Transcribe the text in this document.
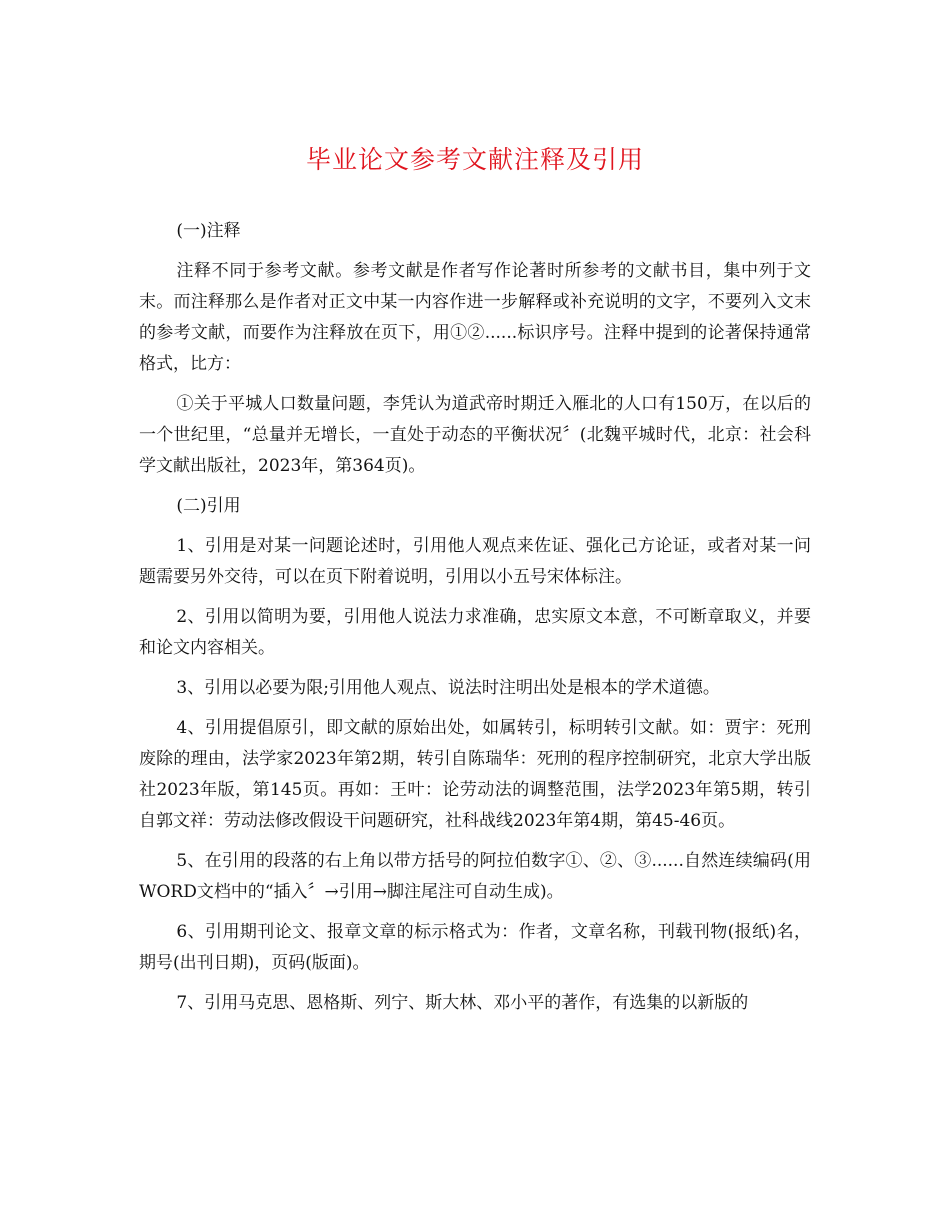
毕业论文参考文献注释及引用

(一)注释

注释不同于参考文献。参考文献是作者写作论著时所参考的文献书目，集中列于文末。而注释那么是作者对正文中某一内容作进一步解释或补充说明的文字，不要列入文末的参考文献，而要作为注释放在页下，用①②......标识序号。注释中提到的论著保持通常格式，比方：

①关于平城人口数量问题，李凭认为道武帝时期迁入雁北的人口有150万，在以后的一个世纪里，“总量并无增长，一直处于动态的平衡状况〞(北魏平城时代，北京：社会科学文献出版社，2023年，第364页)。

(二)引用

1、引用是对某一问题论述时，引用他人观点来佐证、强化己方论证，或者对某一问题需要另外交待，可以在页下附着说明，引用以小五号宋体标注。

2、引用以简明为要，引用他人说法力求准确，忠实原文本意，不可断章取义，并要和论文内容相关。

3、引用以必要为限;引用他人观点、说法时注明出处是根本的学术道德。

4、引用提倡原引，即文献的原始出处，如属转引，标明转引文献。如：贾宇：死刑废除的理由，法学家2023年第2期，转引自陈瑞华：死刑的程序控制研究，北京大学出版社2023年版，第145页。再如：王叶：论劳动法的调整范围，法学2023年第5期，转引自郭文祥：劳动法修改假设干问题研究，社科战线2023年第4期，第45-46页。

5、在引用的段落的右上角以带方括号的阿拉伯数字①、②、③......自然连续编码(用WORD文档中的“插入〞→引用→脚注尾注可自动生成)。

6、引用期刊论文、报章文章的标示格式为：作者，文章名称，刊载刊物(报纸)名，期号(出刊日期)，页码(版面)。

7、引用马克思、恩格斯、列宁、斯大林、邓小平的著作，有选集的以新版的
